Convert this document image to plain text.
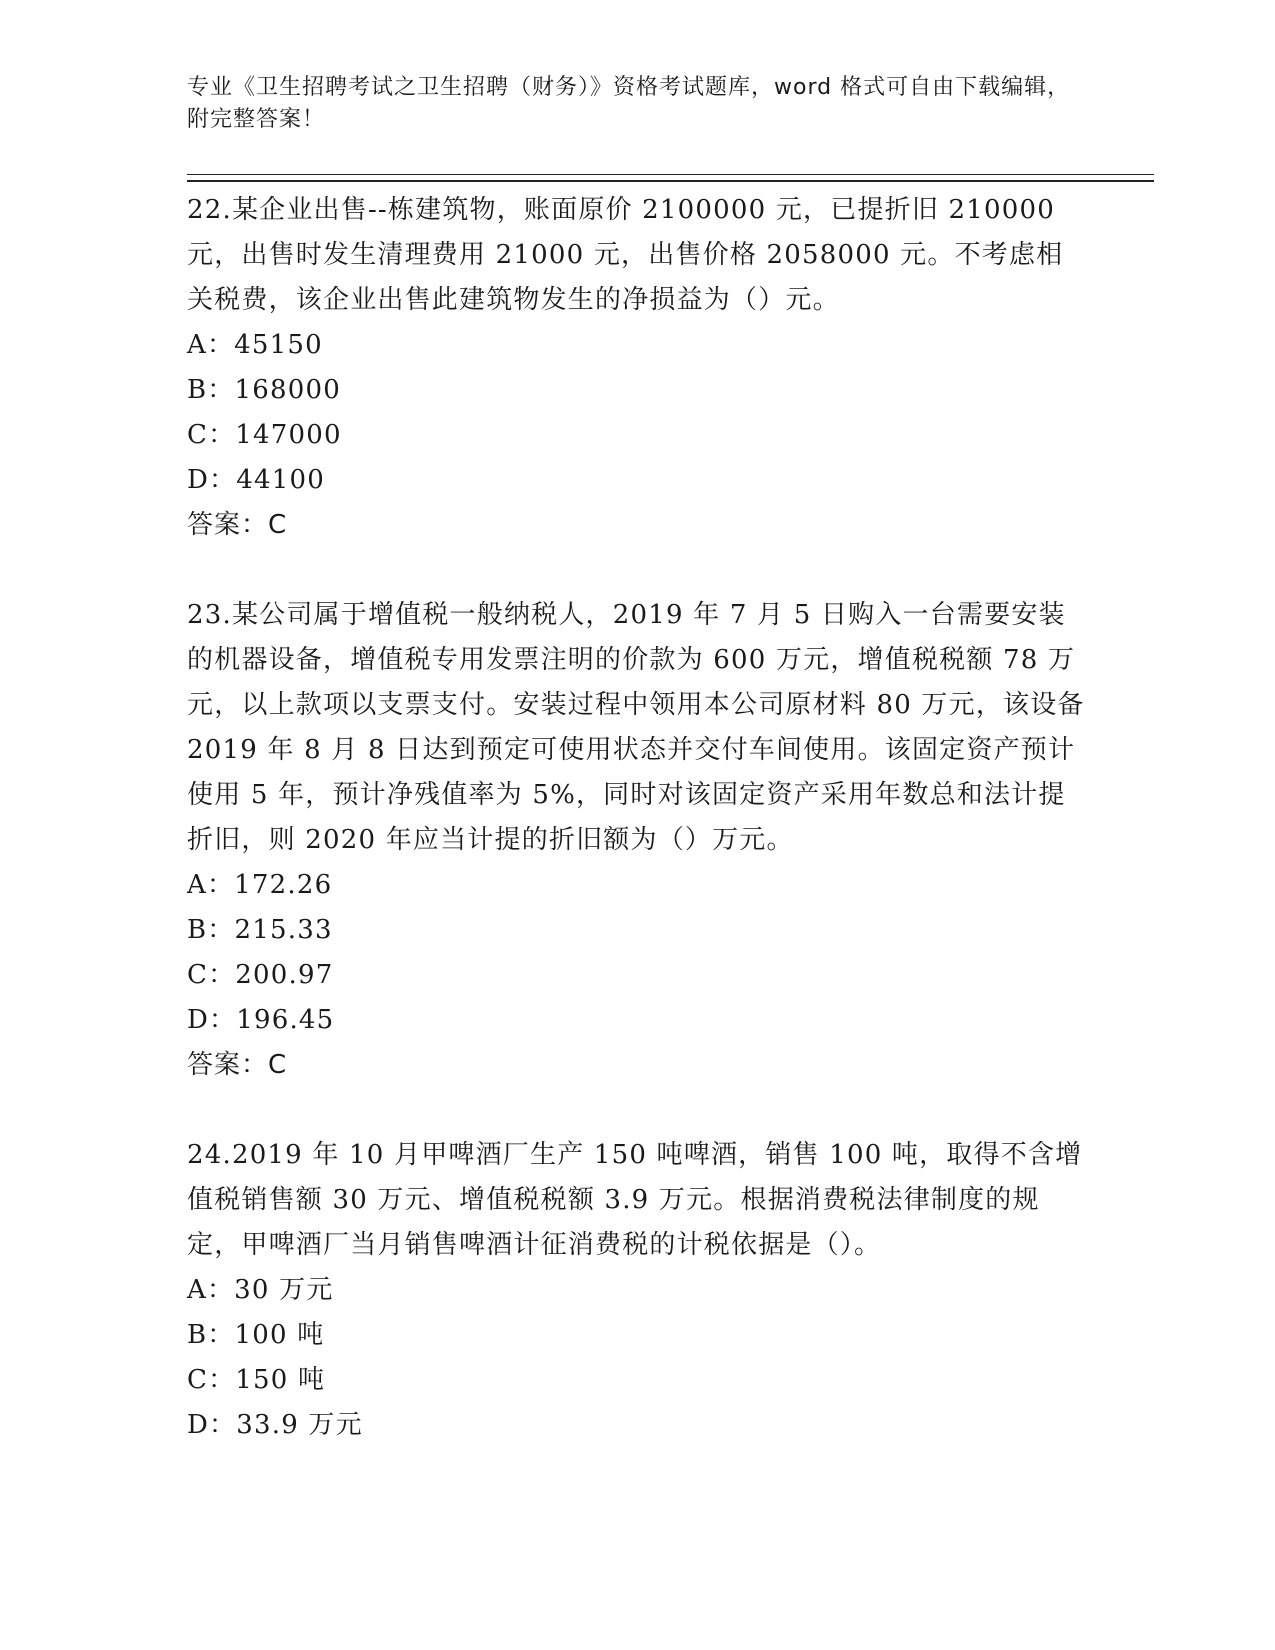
专业《卫生招聘考试之卫生招聘（财务）》资格考试题库，word 格式可自由下载编辑，附完整答案！

22.某企业出售--栋建筑物，账面原价 2100000 元，已提折旧 210000 元，出售时发生清理费用 21000 元，出售价格 2058000 元。不考虑相关税费，该企业出售此建筑物发生的净损益为（）元。

A：45150

B：168000

C：147000

D：44100

答案：C

23.某公司属于增值税一般纳税人，2019 年 7 月 5 日购入一台需要安装的机器设备，增值税专用发票注明的价款为 600 万元，增值税税额 78 万元，以上款项以支票支付。安装过程中领用本公司原材料 80 万元，该设备 2019 年 8 月 8 日达到预定可使用状态并交付车间使用。该固定资产预计使用 5 年，预计净残值率为 5%，同时对该固定资产采用年数总和法计提折旧，则 2020 年应当计提的折旧额为（）万元。

A：172.26

B：215.33

C：200.97

D：196.45

答案：C

24.2019 年 10 月甲啤酒厂生产 150 吨啤酒，销售 100 吨，取得不含增值税销售额 30 万元、增值税税额 3.9 万元。根据消费税法律制度的规定，甲啤酒厂当月销售啤酒计征消费税的计税依据是（）。

A：30 万元

B：100 吨

C：150 吨

D：33.9 万元
